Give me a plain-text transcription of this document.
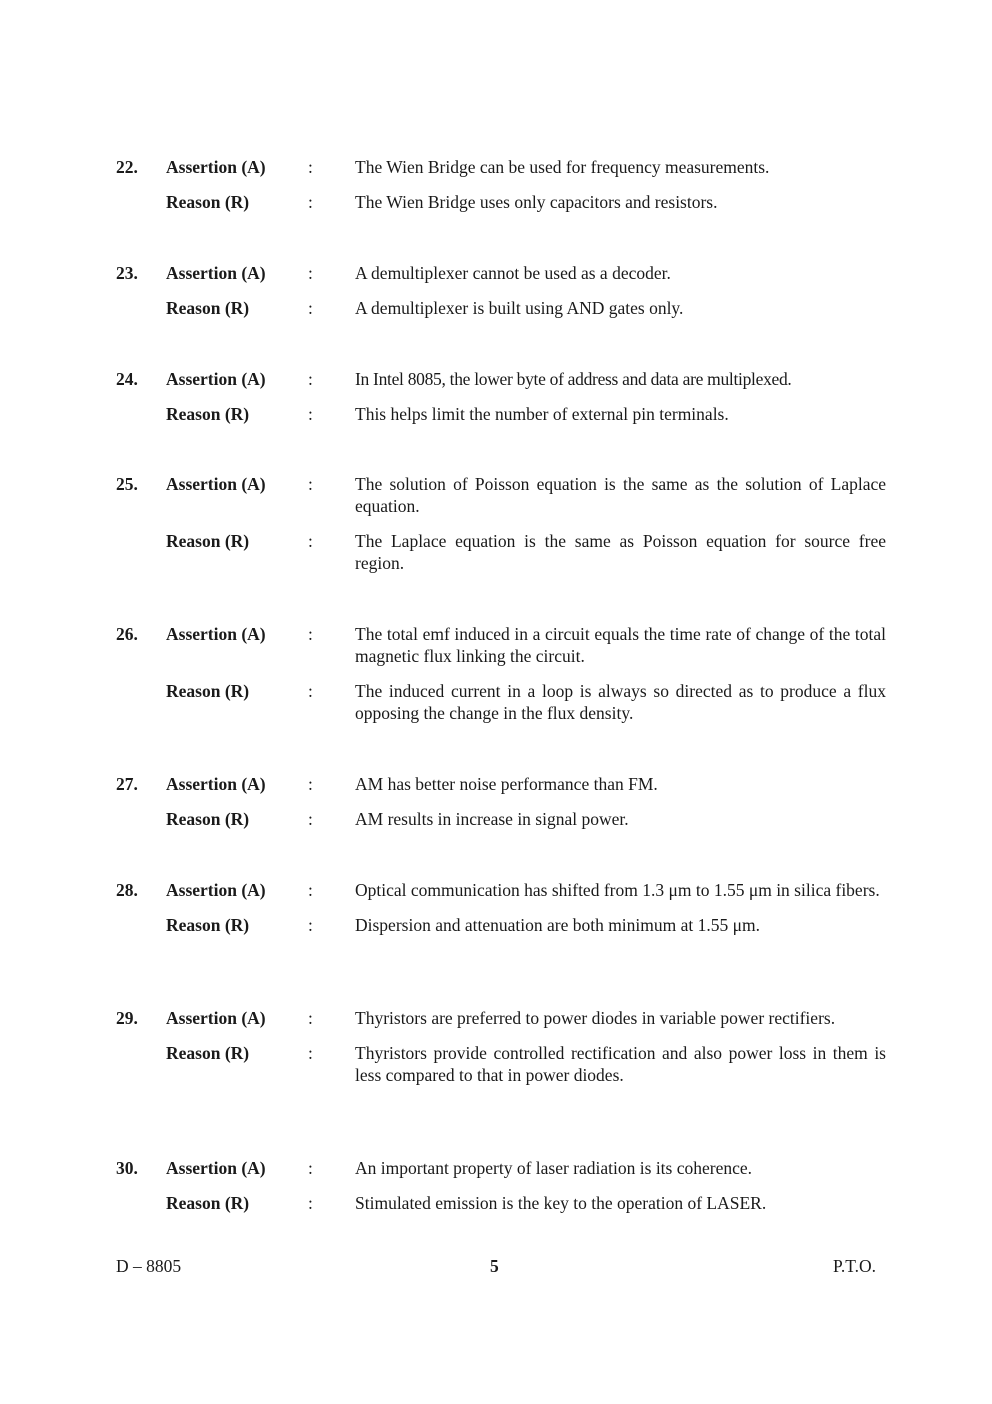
22.	Assertion (A)	:	The Wien Bridge can be used for frequency measurements.
Reason (R)	:	The Wien Bridge uses only capacitors and resistors.
23.	Assertion (A)	:	A demultiplexer cannot be used as a decoder.
Reason (R)	:	A demultiplexer is built using AND gates only.
24.	Assertion (A)	:	In Intel 8085, the lower byte of address and data are multiplexed.
Reason (R)	:	This helps limit the number of external pin terminals.
25.	Assertion (A)	:	The solution of Poisson equation is the same as the solution of Laplace equation.
Reason (R)	:	The Laplace equation is the same as Poisson equation for source free region.
26.	Assertion (A)	:	The total emf induced in a circuit equals the time rate of change of the total magnetic flux linking the circuit.
Reason (R)	:	The induced current in a loop is always so directed as to produce a flux opposing the change in the flux density.
27.	Assertion (A)	:	AM has better noise performance than FM.
Reason (R)	:	AM results in increase in signal power.
28.	Assertion (A)	:	Optical communication has shifted from 1.3 μm to 1.55 μm in silica fibers.
Reason (R)	:	Dispersion and attenuation are both minimum at 1.55 μm.
29.	Assertion (A)	:	Thyristors are preferred to power diodes in variable power rectifiers.
Reason (R)	:	Thyristors provide controlled rectification and also power loss in them is less compared to that in power diodes.
30.	Assertion (A)	:	An important property of laser radiation is its coherence.
Reason (R)	:	Stimulated emission is the key to the operation of LASER.
D – 8805	5	P.T.O.
